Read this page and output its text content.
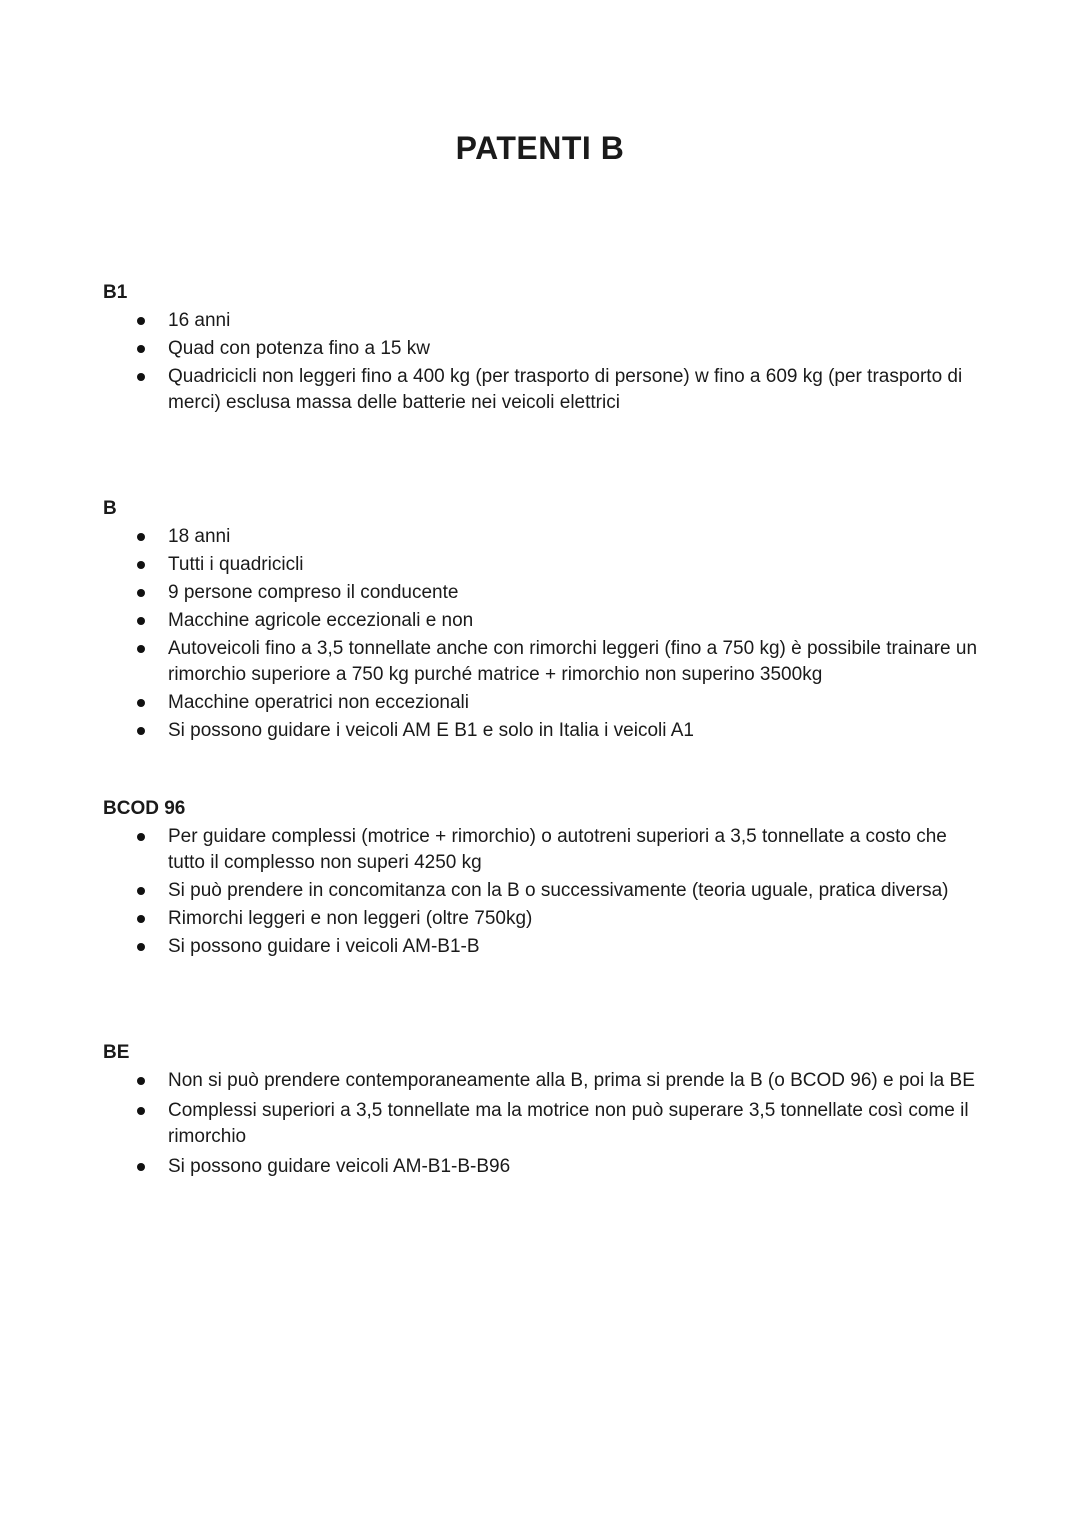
PATENTI B
B1
16 anni
Quad con potenza fino a 15 kw
Quadricicli non leggeri fino a 400 kg (per trasporto di persone) w fino a 609 kg (per trasporto di merci) esclusa massa delle batterie nei veicoli elettrici
B
18 anni
Tutti i quadricicli
9 persone compreso il conducente
Macchine agricole eccezionali e non
Autoveicoli fino a 3,5 tonnellate anche con rimorchi leggeri (fino a 750 kg) è possibile trainare un rimorchio superiore a 750 kg purché matrice + rimorchio non superino 3500kg
Macchine operatrici non eccezionali
Si possono guidare i veicoli AM E B1 e solo in Italia i veicoli A1
BCOD 96
Per guidare complessi (motrice + rimorchio) o autotreni superiori a 3,5 tonnellate a costo che tutto il complesso non superi 4250 kg
Si può prendere in concomitanza con la B o successivamente (teoria uguale, pratica diversa)
Rimorchi leggeri e non leggeri (oltre 750kg)
Si possono guidare i veicoli AM-B1-B
BE
Non si può prendere contemporaneamente alla B, prima si prende la B (o BCOD 96) e poi la BE
Complessi superiori a 3,5 tonnellate ma la motrice non può superare 3,5 tonnellate così come il rimorchio
Si possono guidare veicoli AM-B1-B-B96
